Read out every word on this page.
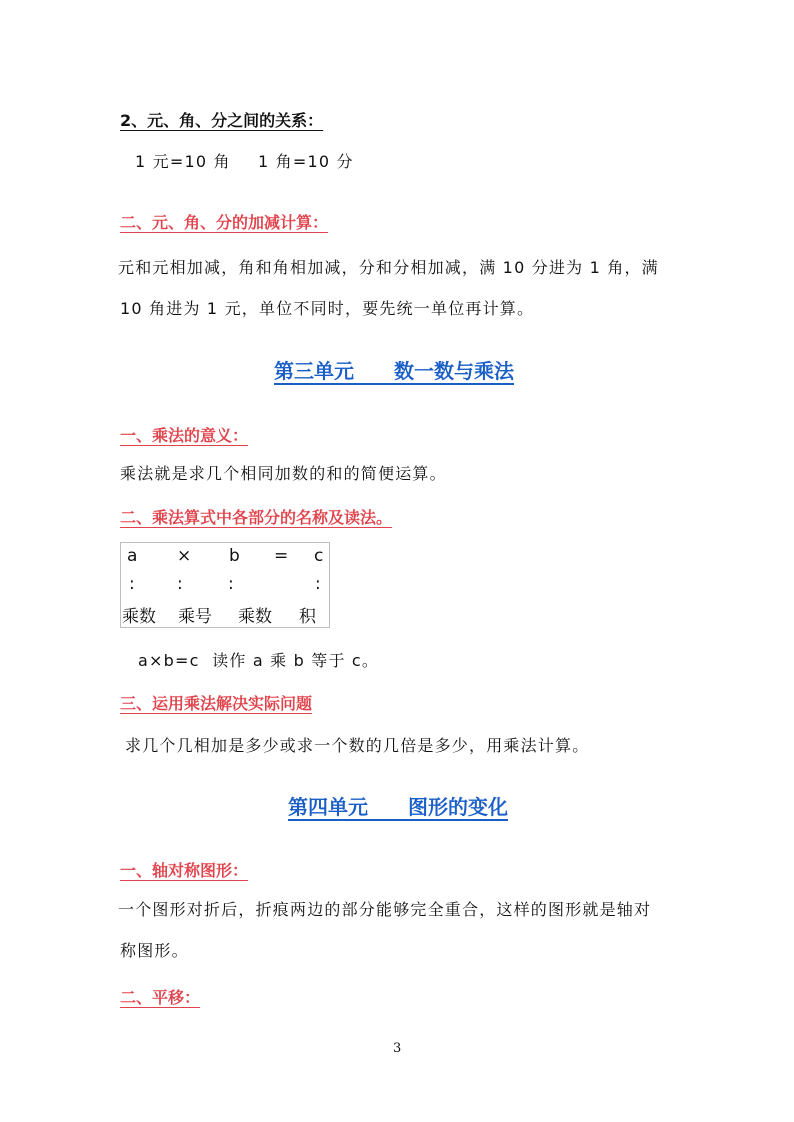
2、元、角、分之间的关系：
1 元=10 角 1 角=10 分
二、元、角、分的加减计算：
元和元相加减，角和角相加减，分和分相加减，满 10 分进为 1 角，满
10 角进为 1 元，单位不同时，要先统一单位再计算。
第三单元　　数一数与乘法
一、乘法的意义：
乘法就是求几个相同加数的和的简便运算。
二、乘法算式中各部分的名称及读法。
a × b = c
: :	:	:
乘数 乘号 乘数 积
a×b=c  读作 a 乘 b 等于 c。
三、运用乘法解决实际问题
求几个几相加是多少或求一个数的几倍是多少，用乘法计算。
第四单元　　图形的变化
一、轴对称图形：
一个图形对折后，折痕两边的部分能够完全重合，这样的图形就是轴对
称图形。
二、平移：
3
